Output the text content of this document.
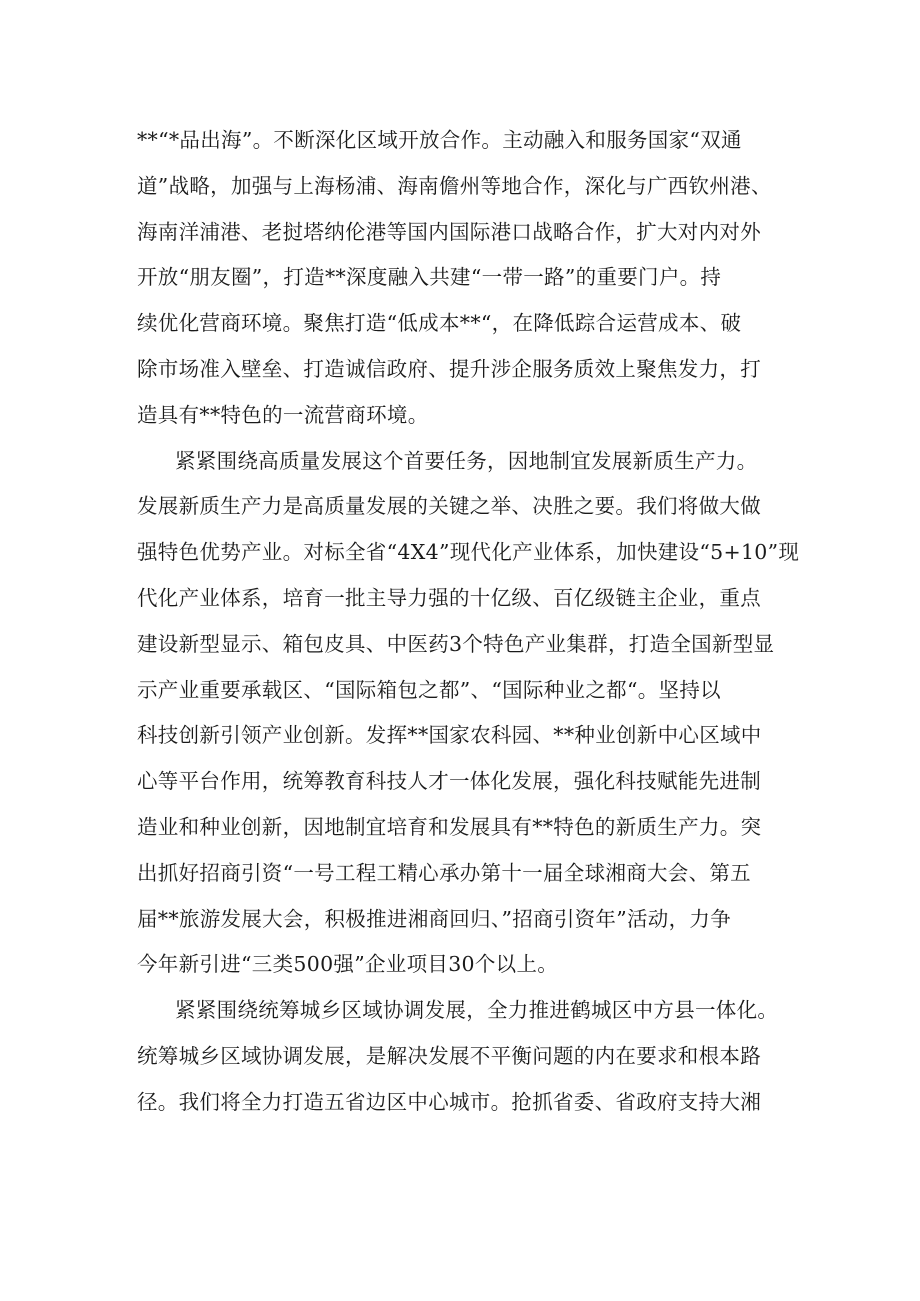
**“*品出海”。不断深化区域开放合作。主动融入和服务国家“双通
道”战略，加强与上海杨浦、海南儋州等地合作，深化与广西钦州港、
海南洋浦港、老挝塔纳伦港等国内国际港口战略合作，扩大对内对外
开放“朋友圈”，打造**深度融入共建“一带一路”的重要门户。持
续优化营商环境。聚焦打造“低成本**“，在降低踪合运营成本、破
除市场准入壁垒、打造诚信政府、提升涉企服务质效上聚焦发力，打
造具有**特色的一流营商环境。
紧紧围绕高质量发展这个首要任务，因地制宜发展新质生产力。
发展新质生产力是高质量发展的关键之举、决胜之要。我们将做大做
强特色优势产业。对标全省“4X4”现代化产业体系，加快建设“5+10”现
代化产业体系，培育一批主导力强的十亿级、百亿级链主企业，重点
建设新型显示、箱包皮具、中医药3个特色产业集群，打造全国新型显
示产业重要承载区、“国际箱包之都”、“国际种业之都“。坚持以
科技创新引领产业创新。发挥**国家农科园、**种业创新中心区域中
心等平台作用，统筹教育科技人才一体化发展，强化科技赋能先进制
造业和种业创新，因地制宜培育和发展具有**特色的新质生产力。突
出抓好招商引资“一号工程工精心承办第十一届全球湘商大会、第五
届**旅游发展大会，积极推进湘商回归、”招商引资年”活动，力争
今年新引进“三类500强”企业项目30个以上。
紧紧围绕统筹城乡区域协调发展，全力推进鹤城区中方县一体化。
统筹城乡区域协调发展，是解决发展不平衡问题的内在要求和根本路
径。我们将全力打造五省边区中心城市。抢抓省委、省政府支持大湘
